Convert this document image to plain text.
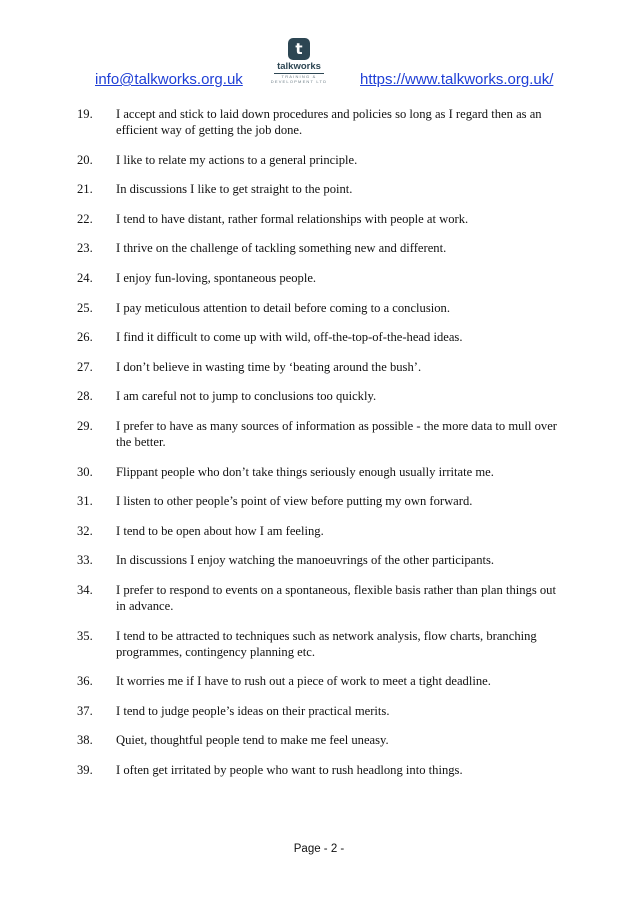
t
talkworks
TRAINING &
DEVELOPMENT LTD
info@talkworks.org.uk	https://www.talkworks.org.uk/
19.	I accept and stick to laid down procedures and policies so long as I regard then as an efficient way of getting the job done.
20.	I like to relate my actions to a general principle.
21.	In discussions I like to get straight to the point.
22.	I tend to have distant, rather formal relationships with people at work.
23.	I thrive on the challenge of tackling something new and different.
24.	I enjoy fun-loving, spontaneous people.
25.	I pay meticulous attention to detail before coming to a conclusion.
26.	I find it difficult to come up with wild, off-the-top-of-the-head ideas.
27.	I don’t believe in wasting time by ‘beating around the bush’.
28.	I am careful not to jump to conclusions too quickly.
29.	I prefer to have as many sources of information as possible - the more data to mull over the better.
30.	Flippant people who don’t take things seriously enough usually irritate me.
31.	I listen to other people’s point of view before putting my own forward.
32.	I tend to be open about how I am feeling.
33.	In discussions I enjoy watching the manoeuvrings of the other participants.
34.	I prefer to respond to events on a spontaneous, flexible basis rather than plan things out in advance.
35.	I tend to be attracted to techniques such as network analysis, flow charts, branching programmes, contingency planning etc.
36.	It worries me if I have to rush out a piece of work to meet a tight deadline.
37.	I tend to judge people’s ideas on their practical merits.
38.	Quiet, thoughtful people tend to make me feel uneasy.
39.	I often get irritated by people who want to rush headlong into things.
Page - 2 -
